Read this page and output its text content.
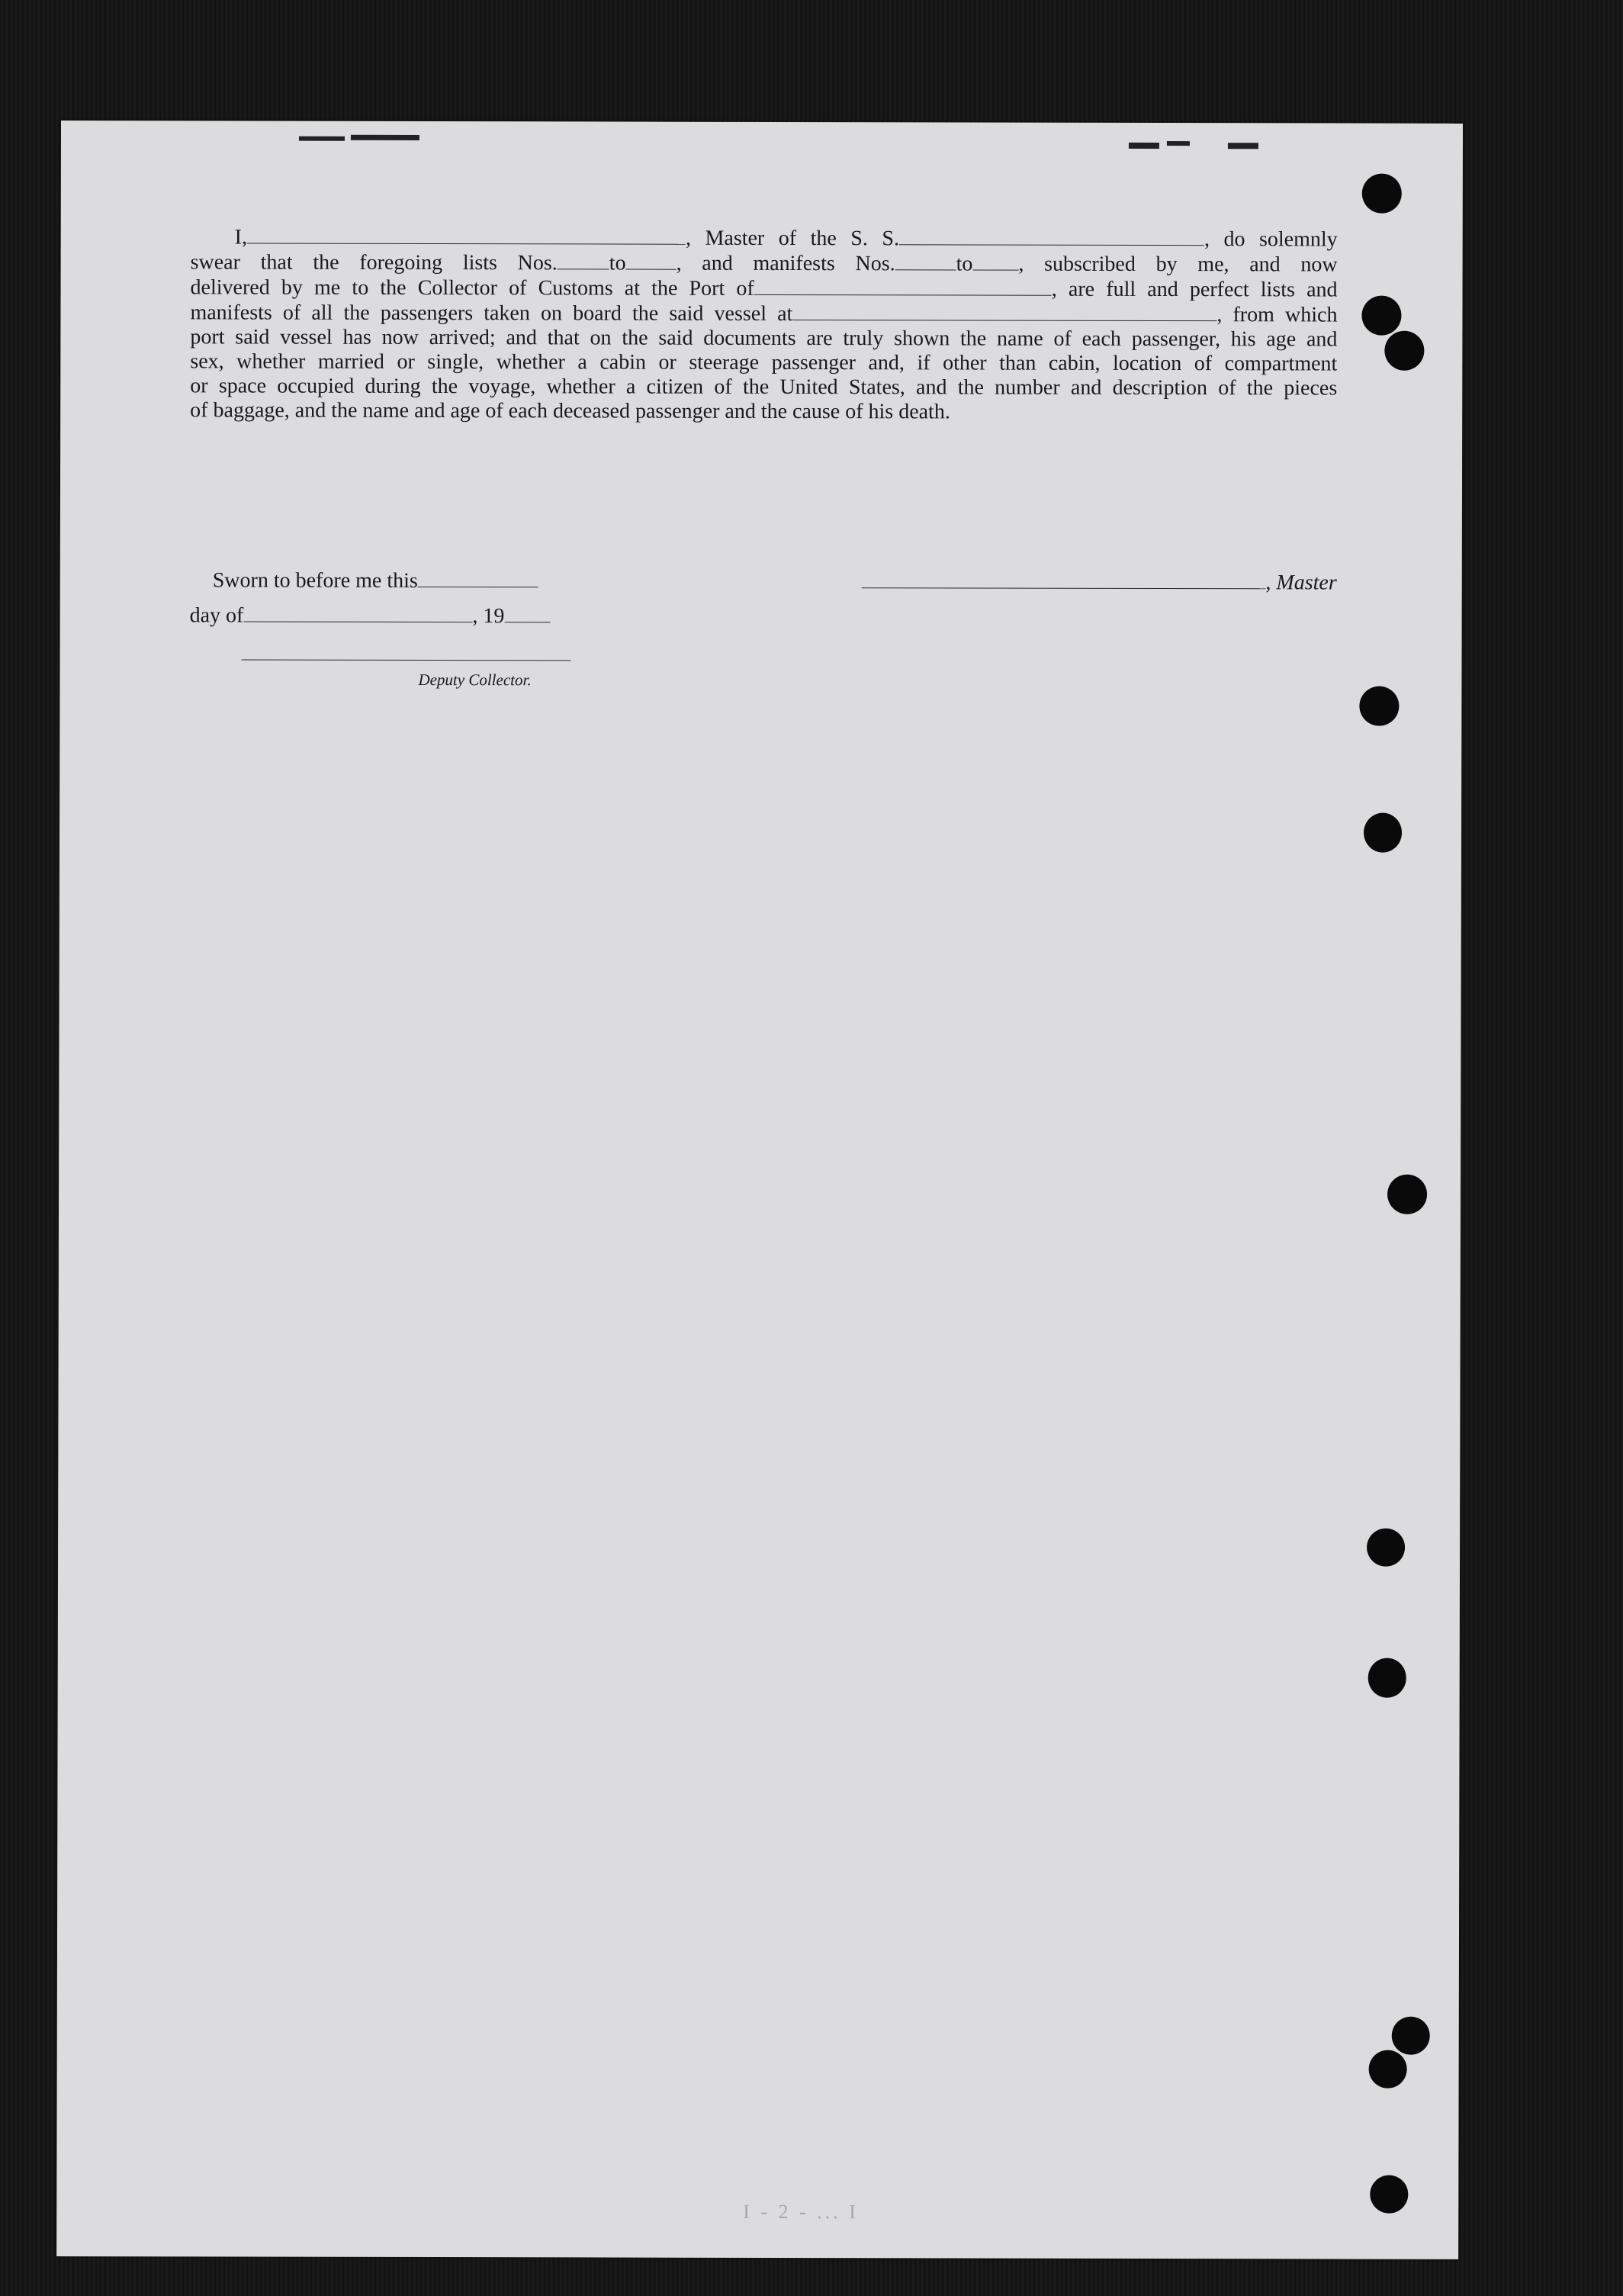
I,	, Master of the S. S.	, do solemnly
swear that the foregoing lists Nos. to , and manifests Nos.	to , subscribed by me, and now
delivered by me to the Collector of Customs at the Port of	, are full and perfect lists and
manifests of all the passengers taken on board the said vessel at	, from which
port said vessel has now arrived; and that on the said documents are truly shown the name of each passenger, his age and
sex, whether married or single, whether a cabin or steerage passenger and, if other than cabin, location of compartment
or space occupied during the voyage, whether a citizen of the United States, and the number and description of the pieces
of baggage, and the name and age of each deceased passenger and the cause of his death.
Sworn to before me this	, Master
day of	, 19
Deputy Collector.
I - 2 - ... I
